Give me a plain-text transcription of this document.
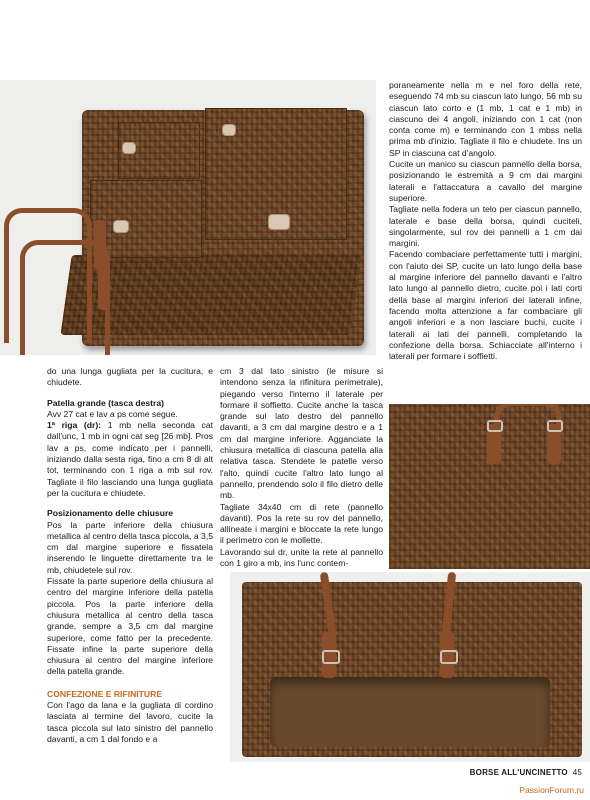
poraneamente nella m e nel foro della rete, eseguendo 74 mb su ciascun lato lungo, 56 mb su ciascun lato corto e (1 mb, 1 cat e 1 mb) in ciascuno dei 4 angoli, iniziando con 1 cat (non conta come m) e terminando con 1 mbss nella prima mb d'inizio. Tagliate il filo e chiudete. Ins un SP in ciascuna cat d'angolo.

Cucite un manico su ciascun pannello della borsa, posizionando le estremità a 9 cm dai margini laterali e l'attaccatura a cavallo del margine superiore.

Tagliate nella fodera un telo per ciascun pannello, laterale e base della borsa, quindi cuciteli, singolarmente, sul rov dei pannelli a 1 cm dai margini.

Facendo combaciare perfettamente tutti i margini, con l'aiuto dei SP, cucite un lato lungo della base al margine inferiore del pannello davanti e l'altro lato lungo al pannello dietro, cucite poi i lati corti della base al margini inferiori dei laterali infine, facendo molta attenzione a far combaciare gli angoli inferiori e a non lasciare buchi, cucite i laterali ai lati dei pannelli, completando la confezione della borsa. Schiacciate all'interno i laterali per formare i soffietti.

do una lunga gugliata per la cucitura, e chiudete.

Patella grande (tasca destra)

Avv 27 cat e lav a ps come segue.

1ª riga (dr): 1 mb nella seconda cat dall'unc, 1 mb in ogni cat seg [26 mb]. Pros lav a ps, come indicato per i pannelli, iniziando dalla sesta riga, fino a cm 8 di alt tot, terminando con 1 riga a mb sul rov. Tagliate il filo lasciando una lunga gugliata per la cucitura e chiudete.

Posizionamento delle chiusure

Pos la parte inferiore della chiusura metallica al centro della tasca piccola, a 3,5 cm dal margine superiore e fissatela inserendo le linguette direttamente tra le mb, chiudetele sul rov.

Fissate la parte superiore della chiusura al centro del margine inferiore della patella piccola. Pos la parte inferiore della chiusura metallica al centro della tasca grande, sempre a 3,5 cm dal margine superiore, come fatto per la precedente. Fissate infine la parte superiore della chiusura al centro del margine inferiore della patella grande.

CONFEZIONE E RIFINITURE

Con l'ago da lana e la gugliata di cordino lasciata al termine del lavoro, cucite la tasca piccola sul lato sinistro del pannello davanti, a cm 1 dal fondo e a

cm 3 dal lato sinistro (le misure si intendono senza la rifinitura perimetrale), piegando verso l'interno il laterale per formare il soffietto. Cucite anche la tasca grande sul lato destro del pannello davanti, a 3 cm dal margine destro e a 1 cm dal margine inferiore. Agganciate la chiusura metallica di ciascuna patella alla relativa tasca. Stendete le patelle verso l'alto, quindi cucite l'altro lato lungo al pannello, prendendo solo il filo dietro delle mb.

Tagliate 34x40 cm di rete (pannello davanti). Pos la rete su rov del pannello, allineate i margini e bloccate la rete lungo il perimetro con le mollette.

Lavorando sul dr, unite la rete al pannello con 1 giro a mb, ins l'unc contem-

BORSE ALL'UNCINETTO 45
PassionForum.ru
